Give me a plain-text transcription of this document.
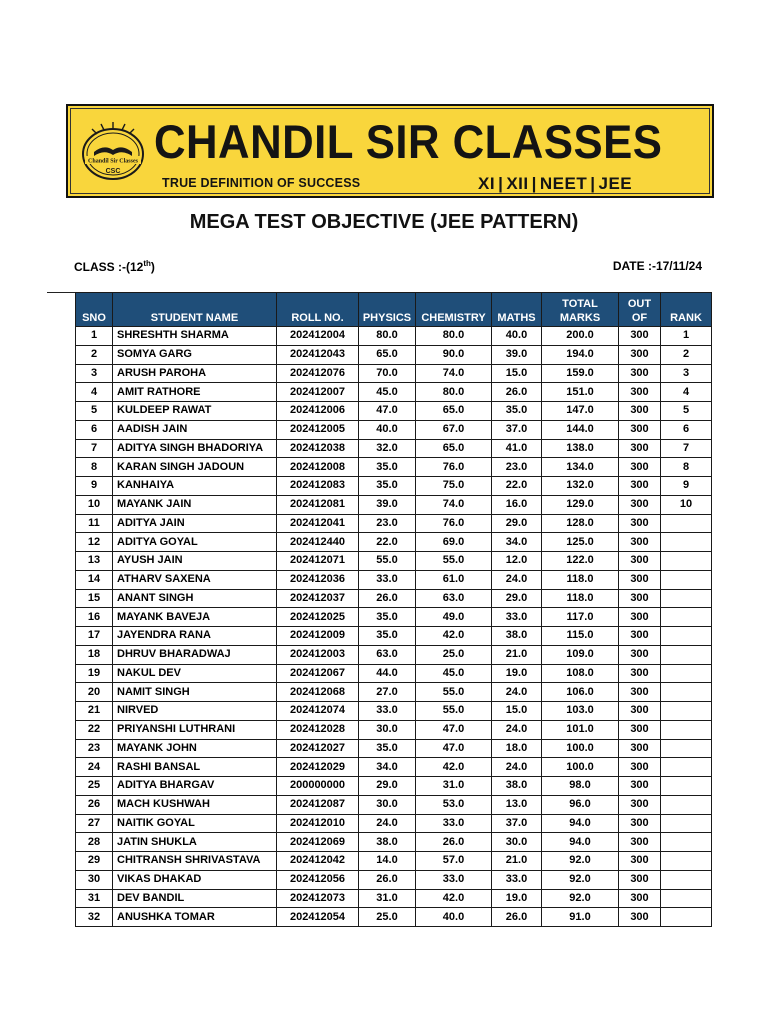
Chandil Sir Classes
CSC
CHANDIL SIR CLASSES
TRUE DEFINITION OF SUCCESS	XI | XII | NEET | JEE
MEGA TEST OBJECTIVE (JEE PATTERN)
CLASS :-(12th)	DATE :-17/11/24
SNO	STUDENT NAME	ROLL NO.	PHYSICS	CHEMISTRY	MATHS	TOTAL MARKS	OUT OF	RANK
1	SHRESHTH SHARMA	202412004	80.0	80.0	40.0	200.0	300	1
2	SOMYA GARG	202412043	65.0	90.0	39.0	194.0	300	2
3	ARUSH PAROHA	202412076	70.0	74.0	15.0	159.0	300	3
4	AMIT RATHORE	202412007	45.0	80.0	26.0	151.0	300	4
5	KULDEEP RAWAT	202412006	47.0	65.0	35.0	147.0	300	5
6	AADISH JAIN	202412005	40.0	67.0	37.0	144.0	300	6
7	ADITYA SINGH BHADORIYA	202412038	32.0	65.0	41.0	138.0	300	7
8	KARAN SINGH JADOUN	202412008	35.0	76.0	23.0	134.0	300	8
9	KANHAIYA	202412083	35.0	75.0	22.0	132.0	300	9
10	MAYANK JAIN	202412081	39.0	74.0	16.0	129.0	300	10
11	ADITYA JAIN	202412041	23.0	76.0	29.0	128.0	300	
12	ADITYA GOYAL	202412440	22.0	69.0	34.0	125.0	300	
13	AYUSH JAIN	202412071	55.0	55.0	12.0	122.0	300	
14	ATHARV SAXENA	202412036	33.0	61.0	24.0	118.0	300	
15	ANANT SINGH	202412037	26.0	63.0	29.0	118.0	300	
16	MAYANK BAVEJA	202412025	35.0	49.0	33.0	117.0	300	
17	JAYENDRA RANA	202412009	35.0	42.0	38.0	115.0	300	
18	DHRUV BHARADWAJ	202412003	63.0	25.0	21.0	109.0	300	
19	NAKUL DEV	202412067	44.0	45.0	19.0	108.0	300	
20	NAMIT SINGH	202412068	27.0	55.0	24.0	106.0	300	
21	NIRVED	202412074	33.0	55.0	15.0	103.0	300	
22	PRIYANSHI LUTHRANI	202412028	30.0	47.0	24.0	101.0	300	
23	MAYANK JOHN	202412027	35.0	47.0	18.0	100.0	300	
24	RASHI BANSAL	202412029	34.0	42.0	24.0	100.0	300	
25	ADITYA BHARGAV	200000000	29.0	31.0	38.0	98.0	300	
26	MACH KUSHWAH	202412087	30.0	53.0	13.0	96.0	300	
27	NAITIK GOYAL	202412010	24.0	33.0	37.0	94.0	300	
28	JATIN SHUKLA	202412069	38.0	26.0	30.0	94.0	300	
29	CHITRANSH SHRIVASTAVA	202412042	14.0	57.0	21.0	92.0	300	
30	VIKAS DHAKAD	202412056	26.0	33.0	33.0	92.0	300	
31	DEV BANDIL	202412073	31.0	42.0	19.0	92.0	300	
32	ANUSHKA TOMAR	202412054	25.0	40.0	26.0	91.0	300	
